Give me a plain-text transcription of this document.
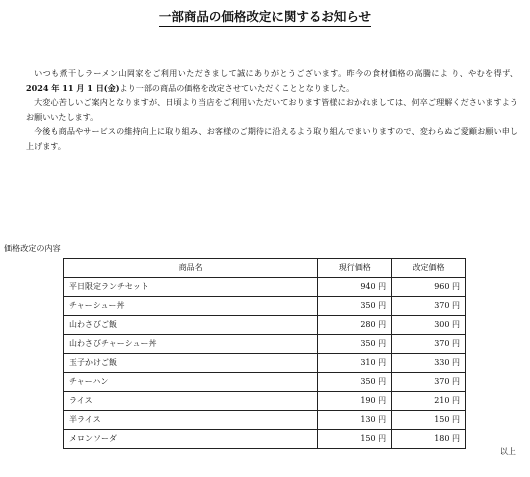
一部商品の価格改定に関するお知らせ

いつも煮干しラーメン山岡家をご利用いただきまして誠にありがとうございます。昨今の食材価格の高騰によ り、やむを得ず、2024 年 11 月 1 日(金)より一部の商品の価格を改定させていただくこととなりました。

大変心苦しいご案内となりますが、日頃より当店をご利用いただいております皆様におかれましては、何卒ご理解くださいますようお願いいたします。

今後も商品やサービスの維持向上に取り組み、お客様のご期待に沿えるよう取り組んでまいりますので、変わらぬご愛顧お願い申し上げます。

価格改定の内容
商品名	現行価格	改定価格
平日限定ランチセット	940 円	960 円
チャーシュー丼	350 円	370 円
山わさびご飯	280 円	300 円
山わさびチャーシュー丼	350 円	370 円
玉子かけご飯	310 円	330 円
チャーハン	350 円	370 円
ライス	190 円	210 円
半ライス	130 円	150 円
メロンソーダ	150 円	180 円
以上
